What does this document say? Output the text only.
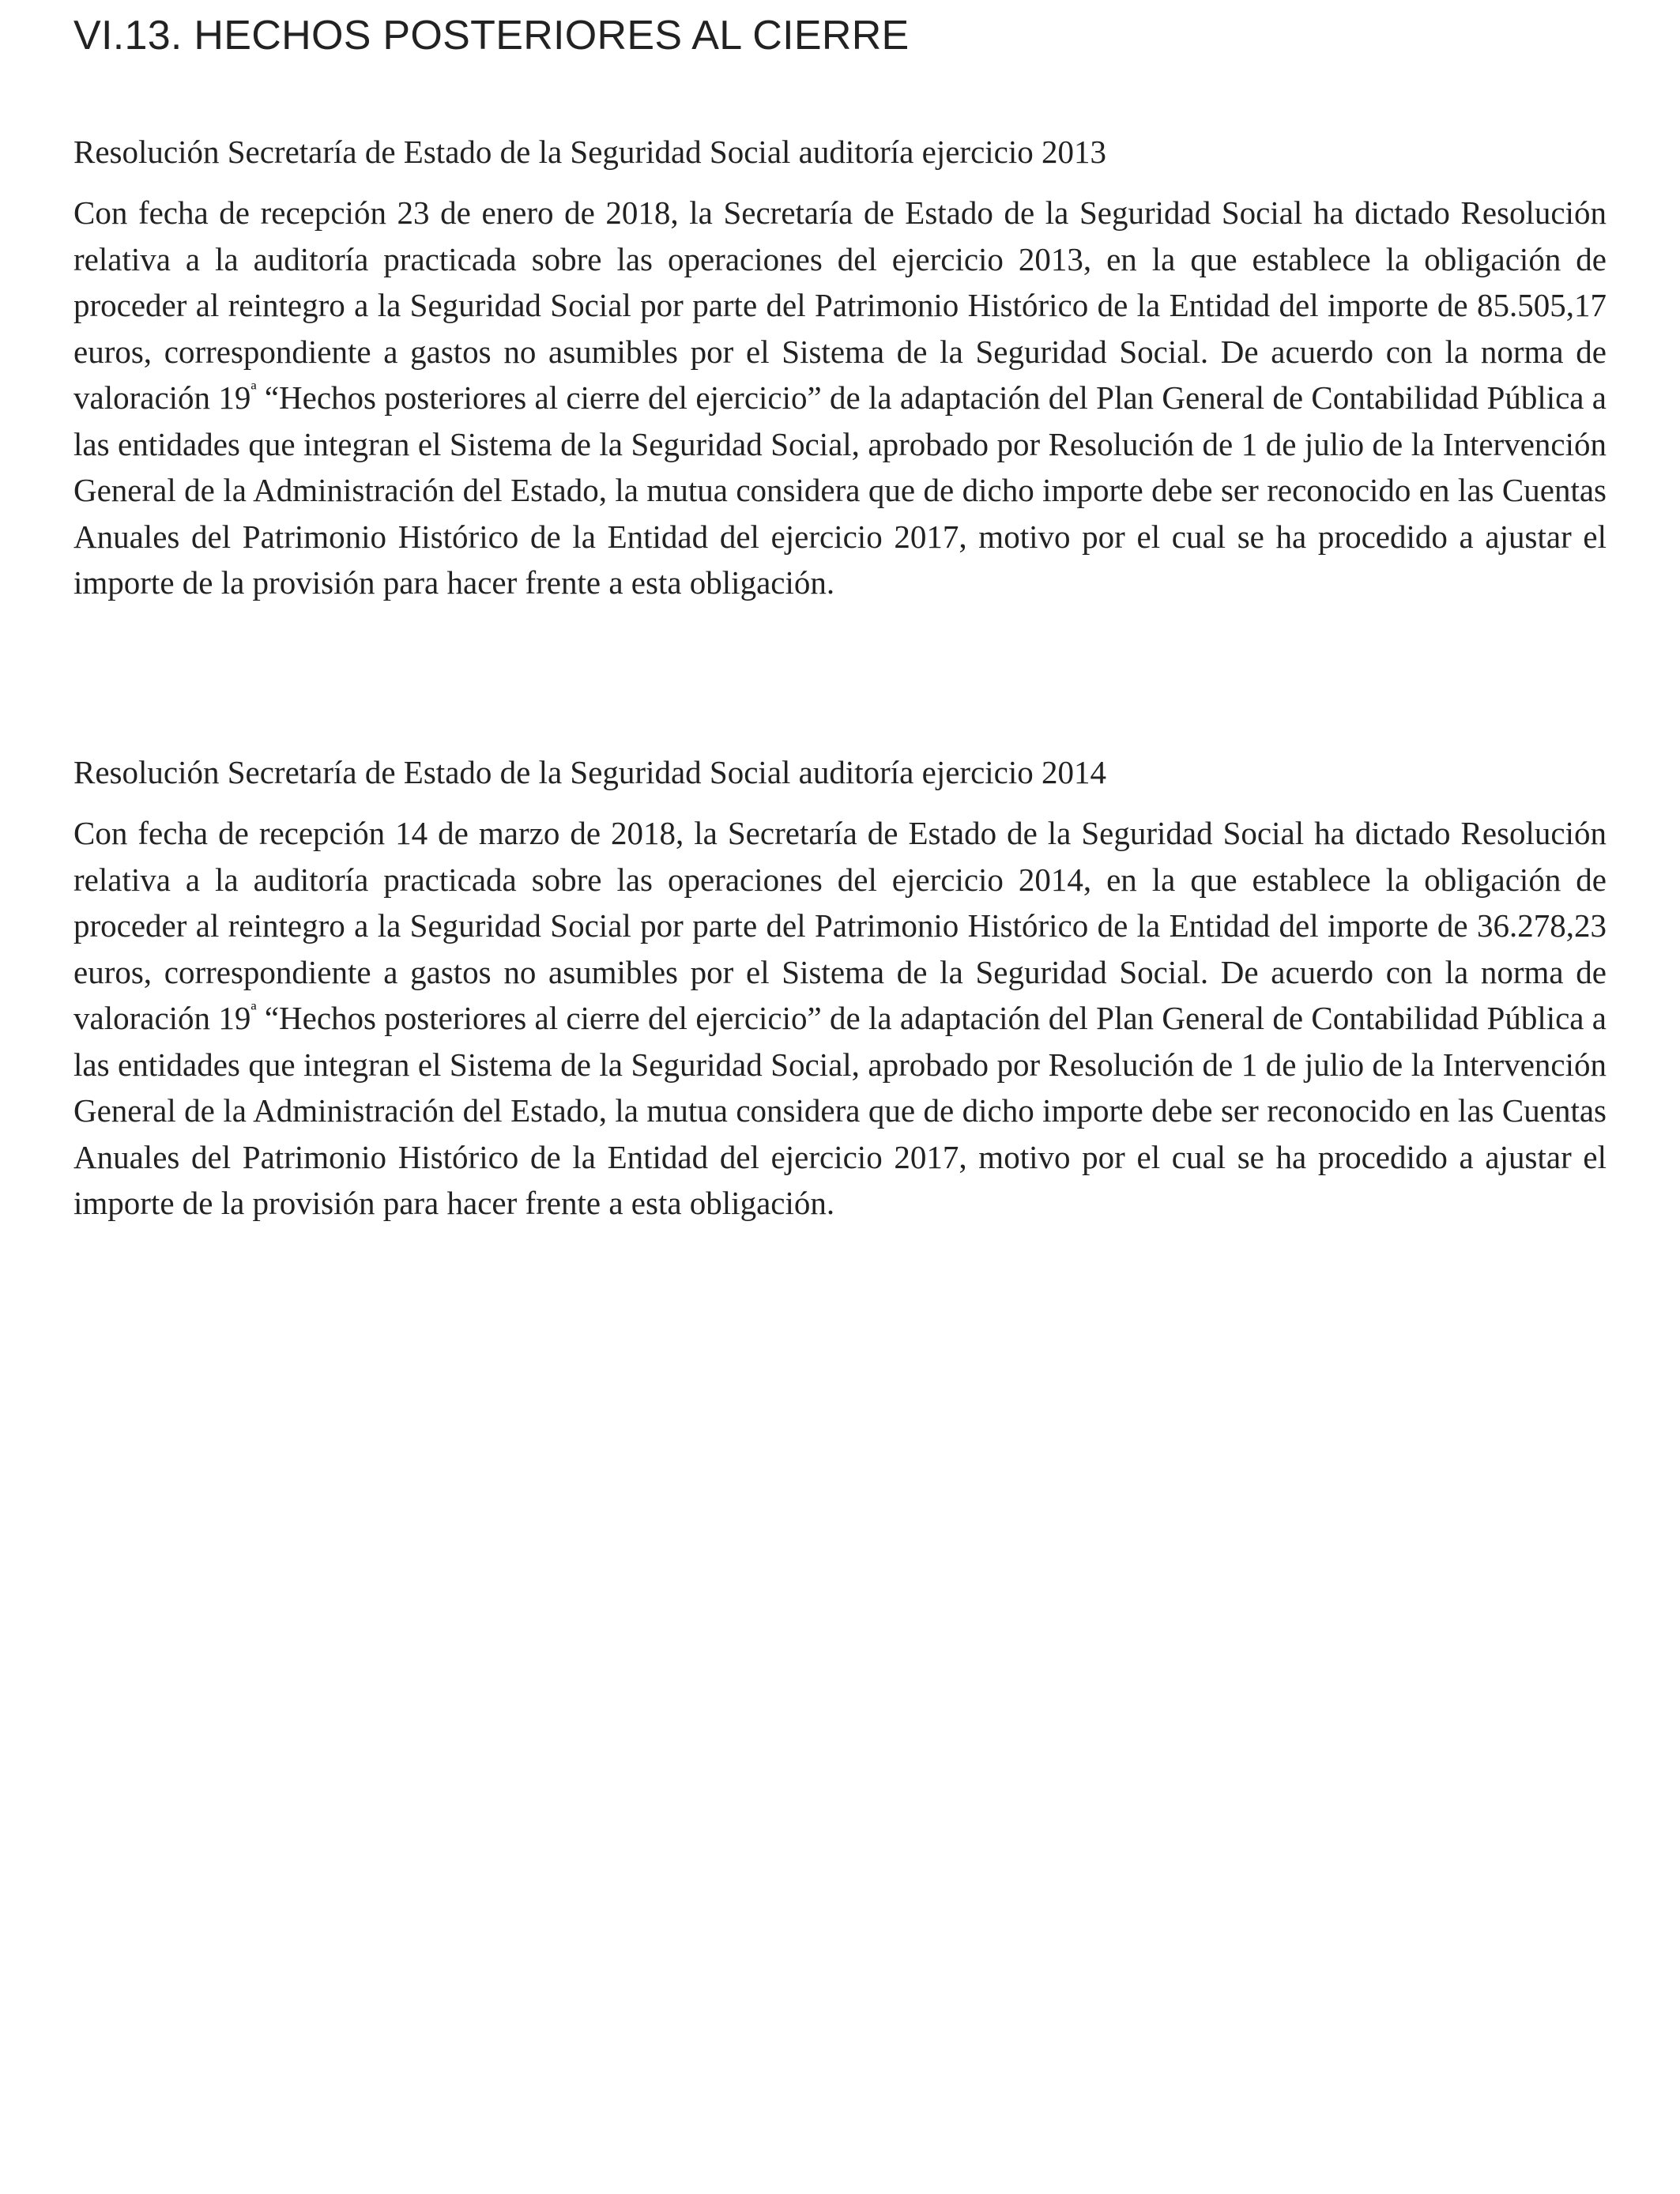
VI.13. HECHOS POSTERIORES AL CIERRE
Resolución Secretaría de Estado de la Seguridad Social auditoría ejercicio 2013

Con fecha de recepción 23 de enero de 2018, la Secretaría de Estado de la Seguridad Social ha dictado Resolución relativa a la auditoría practicada sobre las operaciones del ejercicio 2013, en la que establece la obligación de proceder al reintegro a la Seguridad Social por parte del Patrimonio Histórico de la Entidad del importe de 85.505,17 euros, correspondiente a gastos no asumibles por el Sistema de la Seguridad Social. De acuerdo con la norma de valoración $19^ª$ “Hechos posteriores al cierre del ejercicio” de la adaptación del Plan General de Contabilidad Pública a las entidades que integran el Sistema de la Seguridad Social, aprobado por Resolución de 1 de julio de la Intervención General de la Administración del Estado, la mutua considera que de dicho importe debe ser reconocido en las Cuentas Anuales del Patrimonio Histórico de la Entidad del ejercicio 2017, motivo por el cual se ha procedido a ajustar el importe de la provisión para hacer frente a esta obligación.

Resolución Secretaría de Estado de la Seguridad Social auditoría ejercicio 2014

Con fecha de recepción 14 de marzo de 2018, la Secretaría de Estado de la Seguridad Social ha dictado Resolución relativa a la auditoría practicada sobre las operaciones del ejercicio 2014, en la que establece la obligación de proceder al reintegro a la Seguridad Social por parte del Patrimonio Histórico de la Entidad del importe de 36.278,23 euros, correspondiente a gastos no asumibles por el Sistema de la Seguridad Social. De acuerdo con la norma de valoración $19^ª$ “Hechos posteriores al cierre del ejercicio” de la adaptación del Plan General de Contabilidad Pública a las entidades que integran el Sistema de la Seguridad Social, aprobado por Resolución de 1 de julio de la Intervención General de la Administración del Estado, la mutua considera que de dicho importe debe ser reconocido en las Cuentas Anuales del Patrimonio Histórico de la Entidad del ejercicio 2017, motivo por el cual se ha procedido a ajustar el importe de la provisión para hacer frente a esta obligación.
